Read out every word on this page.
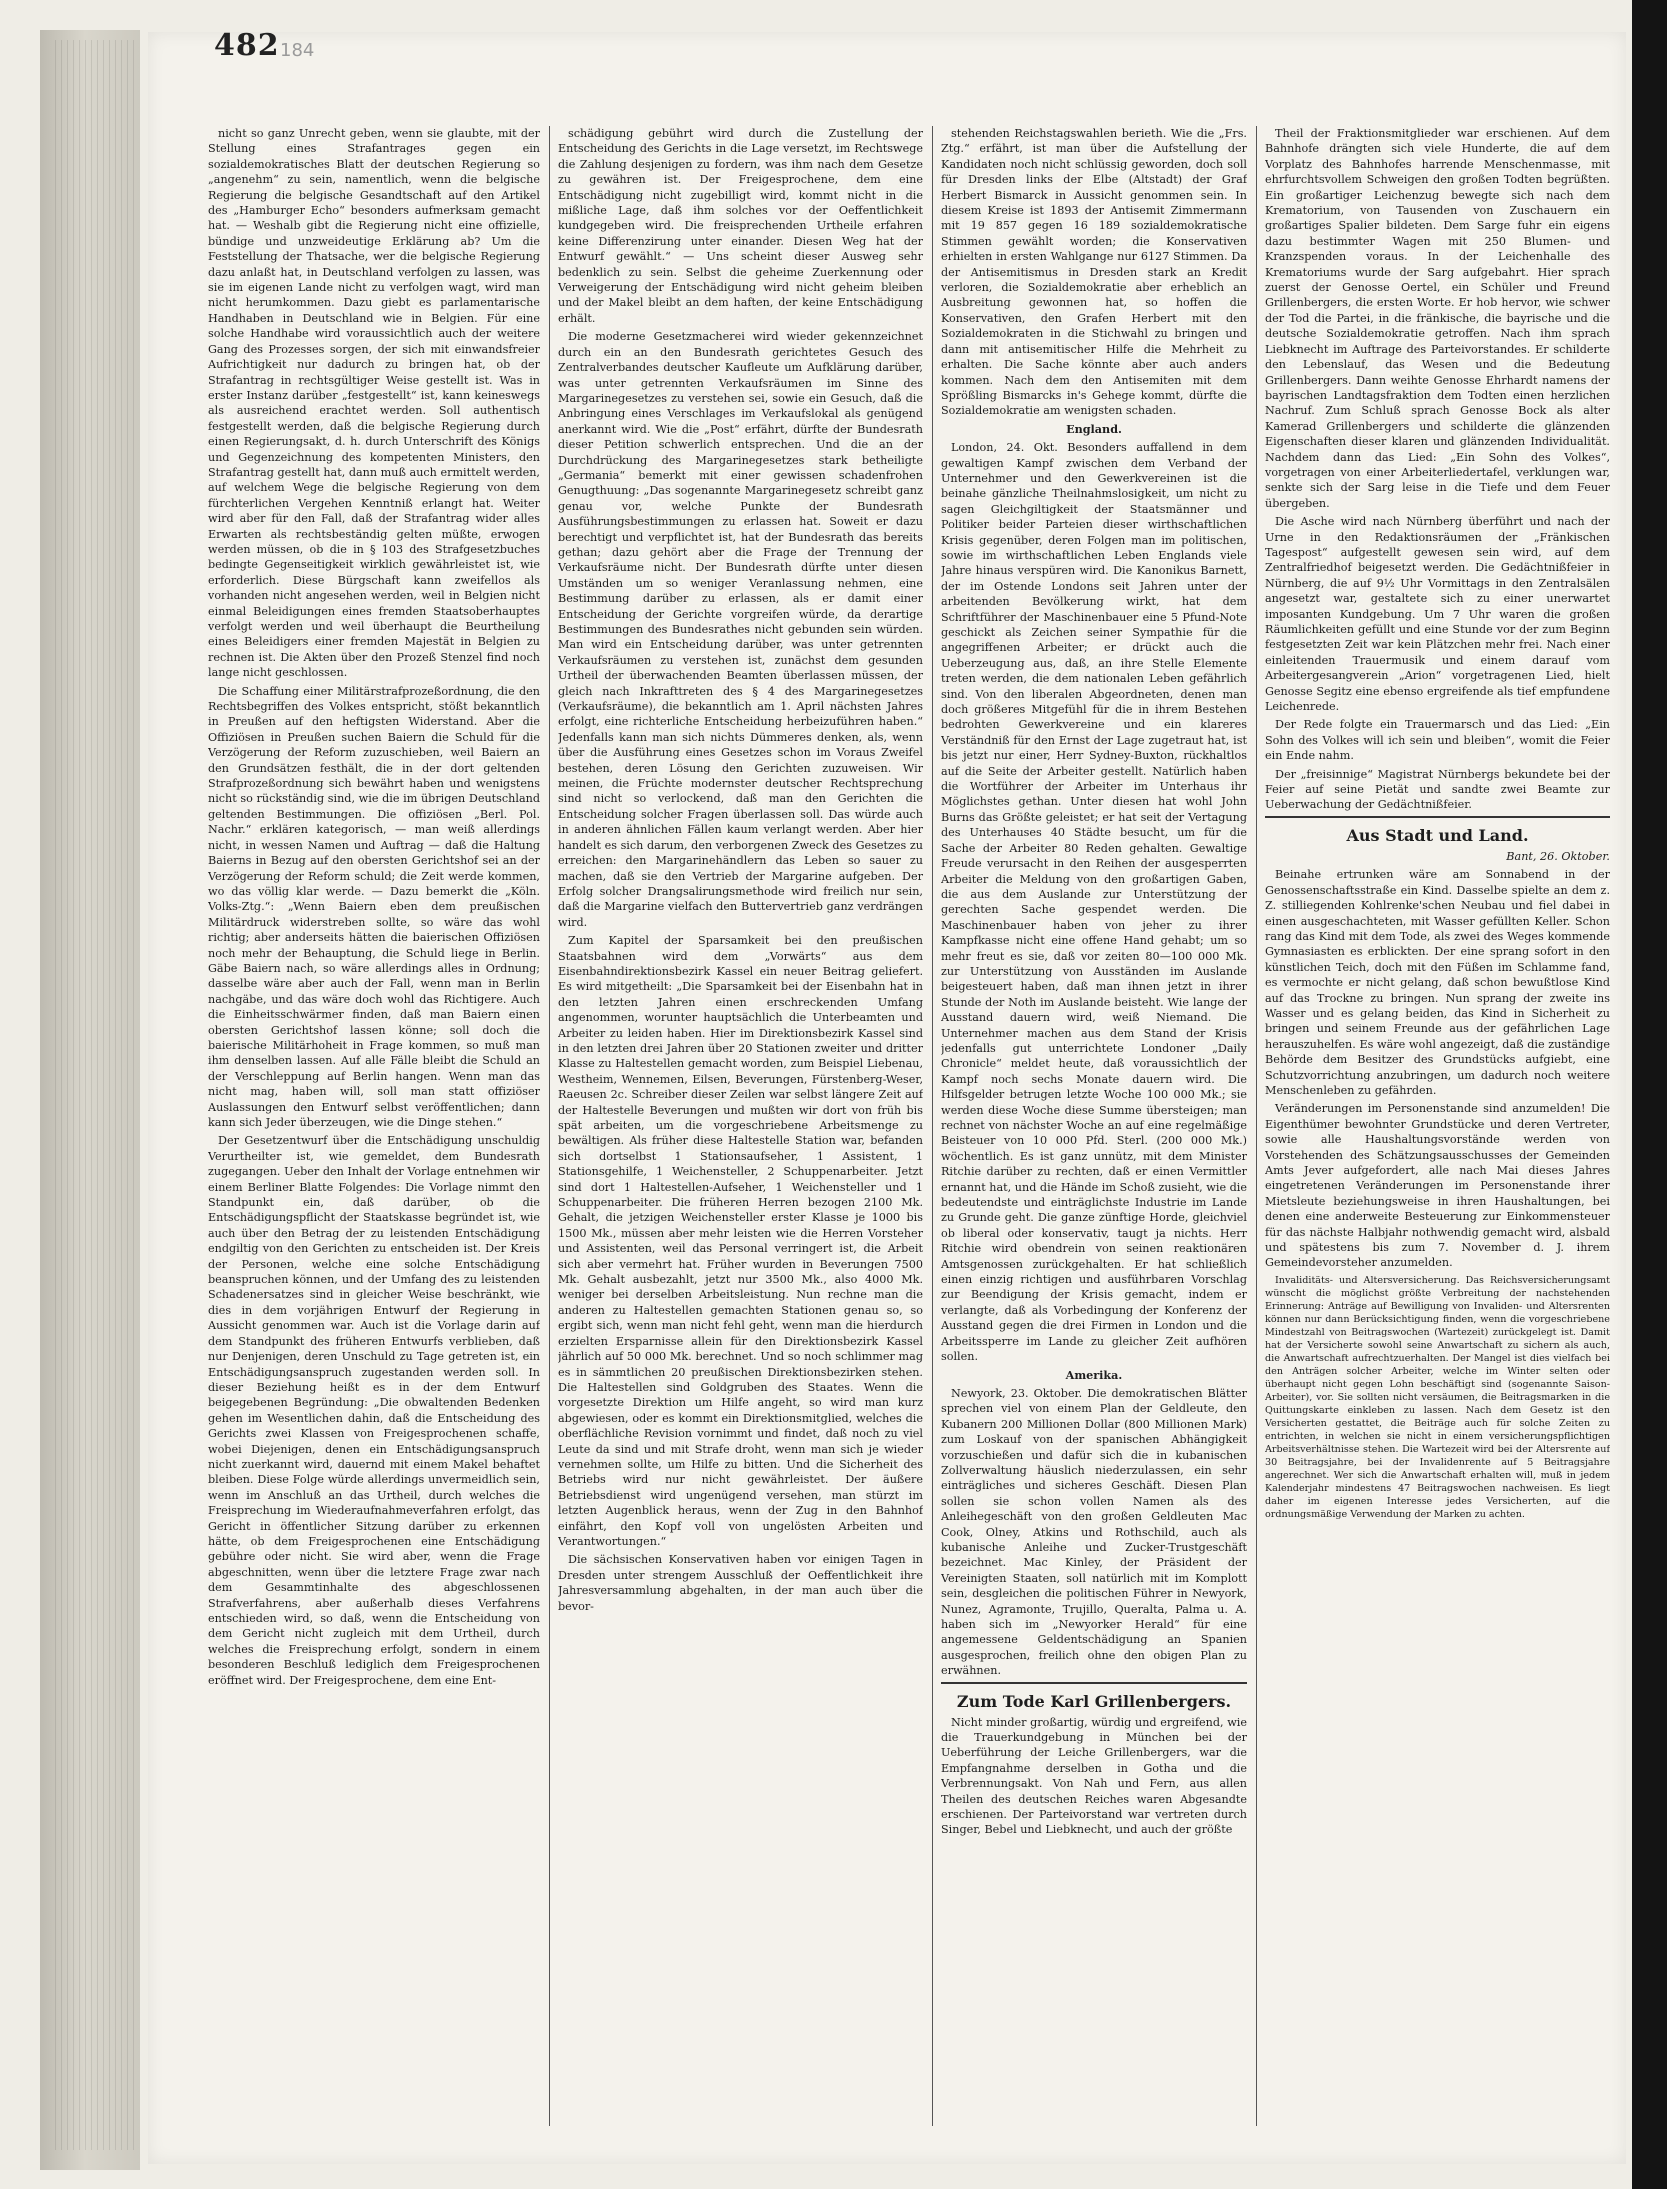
482 184

nicht so ganz Unrecht geben, wenn sie glaubte, mit der Stellung eines Strafantrages gegen ein sozialdemokratisches Blatt der deutschen Regierung so „angenehm“ zu sein, namentlich, wenn die belgische Regierung die belgische Gesandtschaft auf den Artikel des „Hamburger Echo“ besonders aufmerksam gemacht hat. — Weshalb gibt die Regierung nicht eine offizielle, bündige und unzweideutige Erklärung ab? Um die Feststellung der Thatsache, wer die belgische Regierung dazu anlaßt hat, in Deutschland verfolgen zu lassen, was sie im eigenen Lande nicht zu verfolgen wagt, wird man nicht herumkommen. Dazu giebt es parlamentarische Handhaben in Deutschland wie in Belgien. Für eine solche Handhabe wird voraussichtlich auch der weitere Gang des Prozesses sorgen, der sich mit einwandsfreier Aufrichtigkeit nur dadurch zu bringen hat, ob der Strafantrag in rechtsgültiger Weise gestellt ist. Was in erster Instanz darüber „festgestellt“ ist, kann keineswegs als ausreichend erachtet werden. Soll authentisch festgestellt werden, daß die belgische Regierung durch einen Regierungsakt, d. h. durch Unterschrift des Königs und Gegenzeichnung des kompetenten Ministers, den Strafantrag gestellt hat, dann muß auch ermittelt werden, auf welchem Wege die belgische Regierung von dem fürchterlichen Vergehen Kenntniß erlangt hat. Weiter wird aber für den Fall, daß der Strafantrag wider alles Erwarten als rechtsbeständig gelten müßte, erwogen werden müssen, ob die in § 103 des Strafgesetzbuches bedingte Gegenseitigkeit wirklich gewährleistet ist, wie erforderlich. Diese Bürgschaft kann zweifellos als vorhanden nicht angesehen werden, weil in Belgien nicht einmal Beleidigungen eines fremden Staatsoberhauptes verfolgt werden und weil überhaupt die Beurtheilung eines Beleidigers einer fremden Majestät in Belgien zu rechnen ist. Die Akten über den Prozeß Stenzel find noch lange nicht geschlossen.

Die Schaffung einer Militärstrafprozeßordnung, die den Rechtsbegriffen des Volkes entspricht, stößt bekanntlich in Preußen auf den heftigsten Widerstand. Aber die Offiziösen in Preußen suchen Baiern die Schuld für die Verzögerung der Reform zuzuschieben, weil Baiern an den Grundsätzen festhält, die in der dort geltenden Strafprozeßordnung sich bewährt haben und wenigstens nicht so rückständig sind, wie die im übrigen Deutschland geltenden Bestimmungen. Die offiziösen „Berl. Pol. Nachr.“ erklären kategorisch, — man weiß allerdings nicht, in wessen Namen und Auftrag — daß die Haltung Baierns in Bezug auf den obersten Gerichtshof sei an der Verzögerung der Reform schuld; die Zeit werde kommen, wo das völlig klar werde. — Dazu bemerkt die „Köln. Volks-Ztg.“: „Wenn Baiern eben dem preußischen Militärdruck widerstreben sollte, so wäre das wohl richtig; aber anderseits hätten die baierischen Offiziösen noch mehr der Behauptung, die Schuld liege in Berlin. Gäbe Baiern nach, so wäre allerdings alles in Ordnung; dasselbe wäre aber auch der Fall, wenn man in Berlin nachgäbe, und das wäre doch wohl das Richtigere. Auch die Einheitsschwärmer finden, daß man Baiern einen obersten Gerichtshof lassen könne; soll doch die baierische Militärhoheit in Frage kommen, so muß man ihm denselben lassen. Auf alle Fälle bleibt die Schuld an der Verschleppung auf Berlin hangen. Wenn man das nicht mag, haben will, soll man statt offiziöser Auslassungen den Entwurf selbst veröffentlichen; dann kann sich Jeder überzeugen, wie die Dinge stehen.“

Der Gesetzentwurf über die Entschädigung unschuldig Verurtheilter ist, wie gemeldet, dem Bundesrath zugegangen. Ueber den Inhalt der Vorlage entnehmen wir einem Berliner Blatte Folgendes: Die Vorlage nimmt den Standpunkt ein, daß darüber, ob die Entschädigungspflicht der Staatskasse begründet ist, wie auch über den Betrag der zu leistenden Entschädigung endgiltig von den Gerichten zu entscheiden ist. Der Kreis der Personen, welche eine solche Entschädigung beanspruchen können, und der Umfang des zu leistenden Schadenersatzes sind in gleicher Weise beschränkt, wie dies in dem vorjährigen Entwurf der Regierung in Aussicht genommen war. Auch ist die Vorlage darin auf dem Standpunkt des früheren Entwurfs verblieben, daß nur Denjenigen, deren Unschuld zu Tage getreten ist, ein Entschädigungsanspruch zugestanden werden soll. In dieser Beziehung heißt es in der dem Entwurf beigegebenen Begründung: „Die obwaltenden Bedenken gehen im Wesentlichen dahin, daß die Entscheidung des Gerichts zwei Klassen von Freigesprochenen schaffe, wobei Diejenigen, denen ein Entschädigungsanspruch nicht zuerkannt wird, dauernd mit einem Makel behaftet bleiben. Diese Folge würde allerdings unvermeidlich sein, wenn im Anschluß an das Urtheil, durch welches die Freisprechung im Wiederaufnahmeverfahren erfolgt, das Gericht in öffentlicher Sitzung darüber zu erkennen hätte, ob dem Freigesprochenen eine Entschädigung gebühre oder nicht. Sie wird aber, wenn die Frage abgeschnitten, wenn über die letztere Frage zwar nach dem Gesammtinhalte des abgeschlossenen Strafverfahrens, aber außerhalb dieses Verfahrens entschieden wird, so daß, wenn die Entscheidung von dem Gericht nicht zugleich mit dem Urtheil, durch welches die Freisprechung erfolgt, sondern in einem besonderen Beschluß lediglich dem Freigesprochenen eröffnet wird. Der Freigesprochene, dem eine Ent-

schädigung gebührt wird durch die Zustellung der Entscheidung des Gerichts in die Lage versetzt, im Rechtswege die Zahlung desjenigen zu fordern, was ihm nach dem Gesetze zu gewähren ist. Der Freigesprochene, dem eine Entschädigung nicht zugebilligt wird, kommt nicht in die mißliche Lage, daß ihm solches vor der Oeffentlichkeit kundgegeben wird. Die freisprechenden Urtheile erfahren keine Differenzirung unter einander. Diesen Weg hat der Entwurf gewählt.“ — Uns scheint dieser Ausweg sehr bedenklich zu sein. Selbst die geheime Zuerkennung oder Verweigerung der Entschädigung wird nicht geheim bleiben und der Makel bleibt an dem haften, der keine Entschädigung erhält.

Die moderne Gesetzmacherei wird wieder gekennzeichnet durch ein an den Bundesrath gerichtetes Gesuch des Zentralverbandes deutscher Kaufleute um Aufklärung darüber, was unter getrennten Verkaufsräumen im Sinne des Margarinegesetzes zu verstehen sei, sowie ein Gesuch, daß die Anbringung eines Verschlages im Verkaufslokal als genügend anerkannt wird. Wie die „Post“ erfährt, dürfte der Bundesrath dieser Petition schwerlich entsprechen. Und die an der Durchdrückung des Margarinegesetzes stark betheiligte „Germania“ bemerkt mit einer gewissen schadenfrohen Genugthuung: „Das sogenannte Margarinegesetz schreibt ganz genau vor, welche Punkte der Bundesrath Ausführungsbestimmungen zu erlassen hat. Soweit er dazu berechtigt und verpflichtet ist, hat der Bundesrath das bereits gethan; dazu gehört aber die Frage der Trennung der Verkaufsräume nicht. Der Bundesrath dürfte unter diesen Umständen um so weniger Veranlassung nehmen, eine Bestimmung darüber zu erlassen, als er damit einer Entscheidung der Gerichte vorgreifen würde, da derartige Bestimmungen des Bundesrathes nicht gebunden sein würden. Man wird ein Entscheidung darüber, was unter getrennten Verkaufsräumen zu verstehen ist, zunächst dem gesunden Urtheil der überwachenden Beamten überlassen müssen, der gleich nach Inkrafttreten des § 4 des Margarinegesetzes (Verkaufsräume), die bekanntlich am 1. April nächsten Jahres erfolgt, eine richterliche Entscheidung herbeizuführen haben.“ Jedenfalls kann man sich nichts Dümmeres denken, als, wenn über die Ausführung eines Gesetzes schon im Voraus Zweifel bestehen, deren Lösung den Gerichten zuzuweisen. Wir meinen, die Früchte modernster deutscher Rechtsprechung sind nicht so verlockend, daß man den Gerichten die Entscheidung solcher Fragen überlassen soll. Das würde auch in anderen ähnlichen Fällen kaum verlangt werden. Aber hier handelt es sich darum, den verborgenen Zweck des Gesetzes zu erreichen: den Margarinehändlern das Leben so sauer zu machen, daß sie den Vertrieb der Margarine aufgeben. Der Erfolg solcher Drangsalirungsmethode wird freilich nur sein, daß die Margarine vielfach den Buttervertrieb ganz verdrängen wird.

Zum Kapitel der Sparsamkeit bei den preußischen Staatsbahnen wird dem „Vorwärts“ aus dem Eisenbahndirektionsbezirk Kassel ein neuer Beitrag geliefert. Es wird mitgetheilt: „Die Sparsamkeit bei der Eisenbahn hat in den letzten Jahren einen erschreckenden Umfang angenommen, worunter hauptsächlich die Unterbeamten und Arbeiter zu leiden haben. Hier im Direktionsbezirk Kassel sind in den letzten drei Jahren über 20 Stationen zweiter und dritter Klasse zu Haltestellen gemacht worden, zum Beispiel Liebenau, Westheim, Wennemen, Eilsen, Beverungen, Fürstenberg-Weser, Raeusen 2c. Schreiber dieser Zeilen war selbst längere Zeit auf der Haltestelle Beverungen und mußten wir dort von früh bis spät arbeiten, um die vorgeschriebene Arbeitsmenge zu bewältigen. Als früher diese Haltestelle Station war, befanden sich dortselbst 1 Stationsaufseher, 1 Assistent, 1 Stationsgehilfe, 1 Weichensteller, 2 Schuppenarbeiter. Jetzt sind dort 1 Haltestellen-Aufseher, 1 Weichensteller und 1 Schuppenarbeiter. Die früheren Herren bezogen 2100 Mk. Gehalt, die jetzigen Weichensteller erster Klasse je 1000 bis 1500 Mk., müssen aber mehr leisten wie die Herren Vorsteher und Assistenten, weil das Personal verringert ist, die Arbeit sich aber vermehrt hat. Früher wurden in Beverungen 7500 Mk. Gehalt ausbezahlt, jetzt nur 3500 Mk., also 4000 Mk. weniger bei derselben Arbeitsleistung. Nun rechne man die anderen zu Haltestellen gemachten Stationen genau so, so ergibt sich, wenn man nicht fehl geht, wenn man die hierdurch erzielten Ersparnisse allein für den Direktionsbezirk Kassel jährlich auf 50 000 Mk. berechnet. Und so noch schlimmer mag es in sämmtlichen 20 preußischen Direktionsbezirken stehen. Die Haltestellen sind Goldgruben des Staates. Wenn die vorgesetzte Direktion um Hilfe angeht, so wird man kurz abgewiesen, oder es kommt ein Direktionsmitglied, welches die oberflächliche Revision vornimmt und findet, daß noch zu viel Leute da sind und mit Strafe droht, wenn man sich je wieder vernehmen sollte, um Hilfe zu bitten. Und die Sicherheit des Betriebs wird nur nicht gewährleistet. Der äußere Betriebsdienst wird ungenügend versehen, man stürzt im letzten Augenblick heraus, wenn der Zug in den Bahnhof einfährt, den Kopf voll von ungelösten Arbeiten und Verantwortungen.“

Die sächsischen Konservativen haben vor einigen Tagen in Dresden unter strengem Ausschluß der Oeffentlichkeit ihre Jahresversammlung abgehalten, in der man auch über die bevor-

stehenden Reichstagswahlen berieth. Wie die „Frs. Ztg.“ erfährt, ist man über die Aufstellung der Kandidaten noch nicht schlüssig geworden, doch soll für Dresden links der Elbe (Altstadt) der Graf Herbert Bismarck in Aussicht genommen sein. In diesem Kreise ist 1893 der Antisemit Zimmermann mit 19 857 gegen 16 189 sozialdemokratische Stimmen gewählt worden; die Konservativen erhielten in ersten Wahlgange nur 6127 Stimmen. Da der Antisemitismus in Dresden stark an Kredit verloren, die Sozialdemokratie aber erheblich an Ausbreitung gewonnen hat, so hoffen die Konservativen, den Grafen Herbert mit den Sozialdemokraten in die Stichwahl zu bringen und dann mit antisemitischer Hilfe die Mehrheit zu erhalten. Die Sache könnte aber auch anders kommen. Nach dem den Antisemiten mit dem Sprößling Bismarcks in's Gehege kommt, dürfte die Sozialdemokratie am wenigsten schaden.

England.

London, 24. Okt. Besonders auffallend in dem gewaltigen Kampf zwischen dem Verband der Unternehmer und den Gewerkvereinen ist die beinahe gänzliche Theilnahmslosigkeit, um nicht zu sagen Gleichgiltigkeit der Staatsmänner und Politiker beider Parteien dieser wirthschaftlichen Krisis gegenüber, deren Folgen man im politischen, sowie im wirthschaftlichen Leben Englands viele Jahre hinaus verspüren wird. Die Kanonikus Barnett, der im Ostende Londons seit Jahren unter der arbeitenden Bevölkerung wirkt, hat dem Schriftführer der Maschinenbauer eine 5 Pfund-Note geschickt als Zeichen seiner Sympathie für die angegriffenen Arbeiter; er drückt auch die Ueberzeugung aus, daß, an ihre Stelle Elemente treten werden, die dem nationalen Leben gefährlich sind. Von den liberalen Abgeordneten, denen man doch größeres Mitgefühl für die in ihrem Bestehen bedrohten Gewerkvereine und ein klareres Verständniß für den Ernst der Lage zugetraut hat, ist bis jetzt nur einer, Herr Sydney-Buxton, rückhaltlos auf die Seite der Arbeiter gestellt. Natürlich haben die Wortführer der Arbeiter im Unterhaus ihr Möglichstes gethan. Unter diesen hat wohl John Burns das Größte geleistet; er hat seit der Vertagung des Unterhauses 40 Städte besucht, um für die Sache der Arbeiter 80 Reden gehalten. Gewaltige Freude verursacht in den Reihen der ausgesperrten Arbeiter die Meldung von den großartigen Gaben, die aus dem Auslande zur Unterstützung der gerechten Sache gespendet werden. Die Maschinenbauer haben von jeher zu ihrer Kampfkasse nicht eine offene Hand gehabt; um so mehr freut es sie, daß vor zeiten 80—100 000 Mk. zur Unterstützung von Ausständen im Auslande beigesteuert haben, daß man ihnen jetzt in ihrer Stunde der Noth im Auslande beisteht. Wie lange der Ausstand dauern wird, weiß Niemand. Die Unternehmer machen aus dem Stand der Krisis jedenfalls gut unterrichtete Londoner „Daily Chronicle“ meldet heute, daß voraussichtlich der Kampf noch sechs Monate dauern wird. Die Hilfsgelder betrugen letzte Woche 100 000 Mk.; sie werden diese Woche diese Summe übersteigen; man rechnet von nächster Woche an auf eine regelmäßige Beisteuer von 10 000 Pfd. Sterl. (200 000 Mk.) wöchentlich. Es ist ganz unnütz, mit dem Minister Ritchie darüber zu rechten, daß er einen Vermittler ernannt hat, und die Hände im Schoß zusieht, wie die bedeutendste und einträglichste Industrie im Lande zu Grunde geht. Die ganze zünftige Horde, gleichviel ob liberal oder konservativ, taugt ja nichts. Herr Ritchie wird obendrein von seinen reaktionären Amtsgenossen zurückgehalten. Er hat schließlich einen einzig richtigen und ausführbaren Vorschlag zur Beendigung der Krisis gemacht, indem er verlangte, daß als Vorbedingung der Konferenz der Ausstand gegen die drei Firmen in London und die Arbeitssperre im Lande zu gleicher Zeit aufhören sollen.

Amerika.

Newyork, 23. Oktober. Die demokratischen Blätter sprechen viel von einem Plan der Geldleute, den Kubanern 200 Millionen Dollar (800 Millionen Mark) zum Loskauf von der spanischen Abhängigkeit vorzuschießen und dafür sich die in kubanischen Zollverwaltung häuslich niederzulassen, ein sehr einträgliches und sicheres Geschäft. Diesen Plan sollen sie schon vollen Namen als des Anleihegeschäft von den großen Geldleuten Mac Cook, Olney, Atkins und Rothschild, auch als kubanische Anleihe und Zucker-Trustgeschäft bezeichnet. Mac Kinley, der Präsident der Vereinigten Staaten, soll natürlich mit im Komplott sein, desgleichen die politischen Führer in Newyork, Nunez, Agramonte, Trujillo, Queralta, Palma u. A. haben sich im „Newyorker Herald“ für eine angemessene Geldentschädigung an Spanien ausgesprochen, freilich ohne den obigen Plan zu erwähnen.

Zum Tode Karl Grillenbergers.

Nicht minder großartig, würdig und ergreifend, wie die Trauerkundgebung in München bei der Ueberführung der Leiche Grillenbergers, war die Empfangnahme derselben in Gotha und die Verbrennungsakt. Von Nah und Fern, aus allen Theilen des deutschen Reiches waren Abgesandte erschienen. Der Parteivorstand war vertreten durch Singer, Bebel und Liebknecht, und auch der größte

Theil der Fraktionsmitglieder war erschienen. Auf dem Bahnhofe drängten sich viele Hunderte, die auf dem Vorplatz des Bahnhofes harrende Menschenmasse, mit ehrfurchtsvollem Schweigen den großen Todten begrüßten. Ein großartiger Leichenzug bewegte sich nach dem Krematorium, von Tausenden von Zuschauern ein großartiges Spalier bildeten. Dem Sarge fuhr ein eigens dazu bestimmter Wagen mit 250 Blumen- und Kranzspenden voraus. In der Leichenhalle des Krematoriums wurde der Sarg aufgebahrt. Hier sprach zuerst der Genosse Oertel, ein Schüler und Freund Grillenbergers, die ersten Worte. Er hob hervor, wie schwer der Tod die Partei, in die fränkische, die bayrische und die deutsche Sozialdemokratie getroffen. Nach ihm sprach Liebknecht im Auftrage des Parteivorstandes. Er schilderte den Lebenslauf, das Wesen und die Bedeutung Grillenbergers. Dann weihte Genosse Ehrhardt namens der bayrischen Landtagsfraktion dem Todten einen herzlichen Nachruf. Zum Schluß sprach Genosse Bock als alter Kamerad Grillenbergers und schilderte die glänzenden Eigenschaften dieser klaren und glänzenden Individualität. Nachdem dann das Lied: „Ein Sohn des Volkes“, vorgetragen von einer Arbeiterliedertafel, verklungen war, senkte sich der Sarg leise in die Tiefe und dem Feuer übergeben.

Die Asche wird nach Nürnberg überführt und nach der Urne in den Redaktionsräumen der „Fränkischen Tagespost“ aufgestellt gewesen sein wird, auf dem Zentralfriedhof beigesetzt werden. Die Gedächtnißfeier in Nürnberg, die auf 9½ Uhr Vormittags in den Zentralsälen angesetzt war, gestaltete sich zu einer unerwartet imposanten Kundgebung. Um 7 Uhr waren die großen Räumlichkeiten gefüllt und eine Stunde vor der zum Beginn festgesetzten Zeit war kein Plätzchen mehr frei. Nach einer einleitenden Trauermusik und einem darauf vom Arbeitergesangverein „Arion“ vorgetragenen Lied, hielt Genosse Segitz eine ebenso ergreifende als tief empfundene Leichenrede.

Der Rede folgte ein Trauermarsch und das Lied: „Ein Sohn des Volkes will ich sein und bleiben“, womit die Feier ein Ende nahm.

Der „freisinnige“ Magistrat Nürnbergs bekundete bei der Feier auf seine Pietät und sandte zwei Beamte zur Ueberwachung der Gedächtnißfeier.

Aus Stadt und Land.

Bant, 26. Oktober.

Beinahe ertrunken wäre am Sonnabend in der Genossenschaftsstraße ein Kind. Dasselbe spielte an dem z. Z. stilliegenden Kohlrenke'schen Neubau und fiel dabei in einen ausgeschachteten, mit Wasser gefüllten Keller. Schon rang das Kind mit dem Tode, als zwei des Weges kommende Gymnasiasten es erblickten. Der eine sprang sofort in den künstlichen Teich, doch mit den Füßen im Schlamme fand, es vermochte er nicht gelang, daß schon bewußtlose Kind auf das Trockne zu bringen. Nun sprang der zweite ins Wasser und es gelang beiden, das Kind in Sicherheit zu bringen und seinem Freunde aus der gefährlichen Lage herauszuhelfen. Es wäre wohl angezeigt, daß die zuständige Behörde dem Besitzer des Grundstücks aufgiebt, eine Schutzvorrichtung anzubringen, um dadurch noch weitere Menschenleben zu gefährden.

Veränderungen im Personenstande sind anzumelden! Die Eigenthümer bewohnter Grundstücke und deren Vertreter, sowie alle Haushaltungsvorstände werden von Vorstehenden des Schätzungsausschusses der Gemeinden Amts Jever aufgefordert, alle nach Mai dieses Jahres eingetretenen Veränderungen im Personenstande ihrer Mietsleute beziehungsweise in ihren Haushaltungen, bei denen eine anderweite Besteuerung zur Einkommensteuer für das nächste Halbjahr nothwendig gemacht wird, alsbald und spätestens bis zum 7. November d. J. ihrem Gemeindevorsteher anzumelden.

Invaliditäts- und Altersversicherung. Das Reichsversicherungsamt wünscht die möglichst größte Verbreitung der nachstehenden Erinnerung: Anträge auf Bewilligung von Invaliden- und Altersrenten können nur dann Berücksichtigung finden, wenn die vorgeschriebene Mindestzahl von Beitragswochen (Wartezeit) zurückgelegt ist. Damit hat der Versicherte sowohl seine Anwartschaft zu sichern als auch, die Anwartschaft aufrechtzuerhalten. Der Mangel ist dies vielfach bei den Anträgen solcher Arbeiter, welche im Winter selten oder überhaupt nicht gegen Lohn beschäftigt sind (sogenannte Saison-Arbeiter), vor. Sie sollten nicht versäumen, die Beitragsmarken in die Quittungskarte einkleben zu lassen. Nach dem Gesetz ist den Versicherten gestattet, die Beiträge auch für solche Zeiten zu entrichten, in welchen sie nicht in einem versicherungspflichtigen Arbeitsverhältnisse stehen. Die Wartezeit wird bei der Altersrente auf 30 Beitragsjahre, bei der Invalidenrente auf 5 Beitragsjahre angerechnet. Wer sich die Anwartschaft erhalten will, muß in jedem Kalenderjahr mindestens 47 Beitragswochen nachweisen. Es liegt daher im eigenen Interesse jedes Versicherten, auf die ordnungsmäßige Verwendung der Marken zu achten.
